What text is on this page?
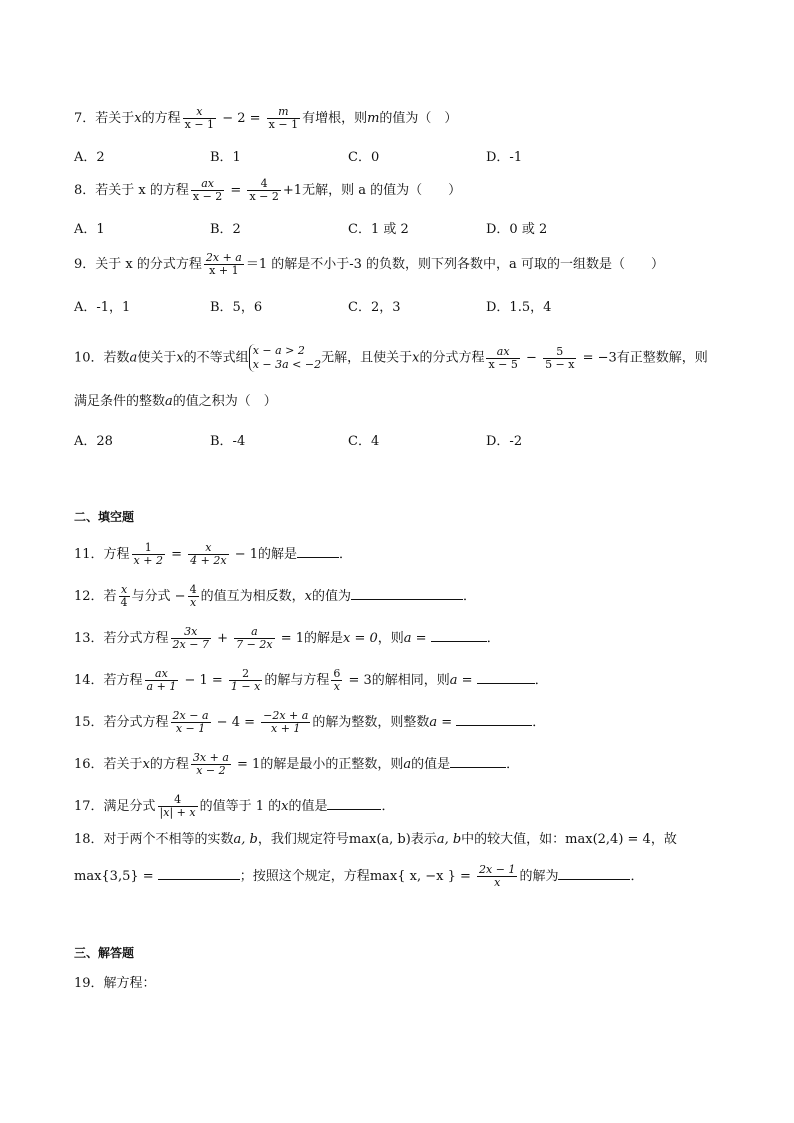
7．若关于x的方程 $\frac{x}{x - 1} - 2 = \frac{m}{x - 1}$ 有增根，则m的值为（　）
A．2	B．1	C．0	D．-1
8．若关于 x 的方程 $\frac{ax}{x - 2} = \frac{4}{x - 2} +1$无解，则 a 的值为（　　）
A．1	B．2	C．1 或 2	D．0 或 2
9．关于 x 的分式方程 $\frac{2x + a}{x + 1} =1$ 的解是不小于-3 的负数，则下列各数中，a 可取的一组数是（　　）
A．-1，1	B．5，6	C．2，3	D．1.5，4
10．若数a使关于x的不等式组 x − a > 2
x − 3a < −2 无解，且使关于x的分式方程 $\frac{ax}{x - 5} - \frac{5}{5 - x} = -3$有正整数解，则
满足条件的整数a的值之积为（　）
A．28	B．-4	C．4	D．-2
二、填空题
11．方程 $\frac{1}{x + 2} = \frac{x}{4 + 2x} - 1$的解是	．
12．若 $\frac{x}{4}$ 与分式 − $\frac{4}{x}$ 的值互为相反数，x的值为	．
13．若分式方程 $\frac{3x}{2x - 7} + \frac{a}{7 - 2x} = 1$的解是x = 0，则a =	．
14．若方程 $\frac{ax}{a + 1} - 1 = \frac{2}{1 - x}$ 的解与方程 $\frac{6}{x} = 3$的解相同，则a =	．
15．若分式方程 $\frac{2x - a}{x - 1} - 4 = \frac{-2x + a}{x + 1}$ 的解为整数，则整数a =	．
16．若关于x的方程 $\frac{3x + a}{x - 2} = 1$的解是最小的正整数，则a的值是	．
17．满足分式 $\frac{4}{|x| + x}$ 的值等于 1 的x的值是	．
18．对于两个不相等的实数a, b，我们规定符号max(a, b)表示a, b中的较大值，如：max(2,4) = 4，故
max{3,5} =	；按照这个规定，方程max{ x, −x } = $\frac{2x - 1}{x}$ 的解为	．
三、解答题
19．解方程：
